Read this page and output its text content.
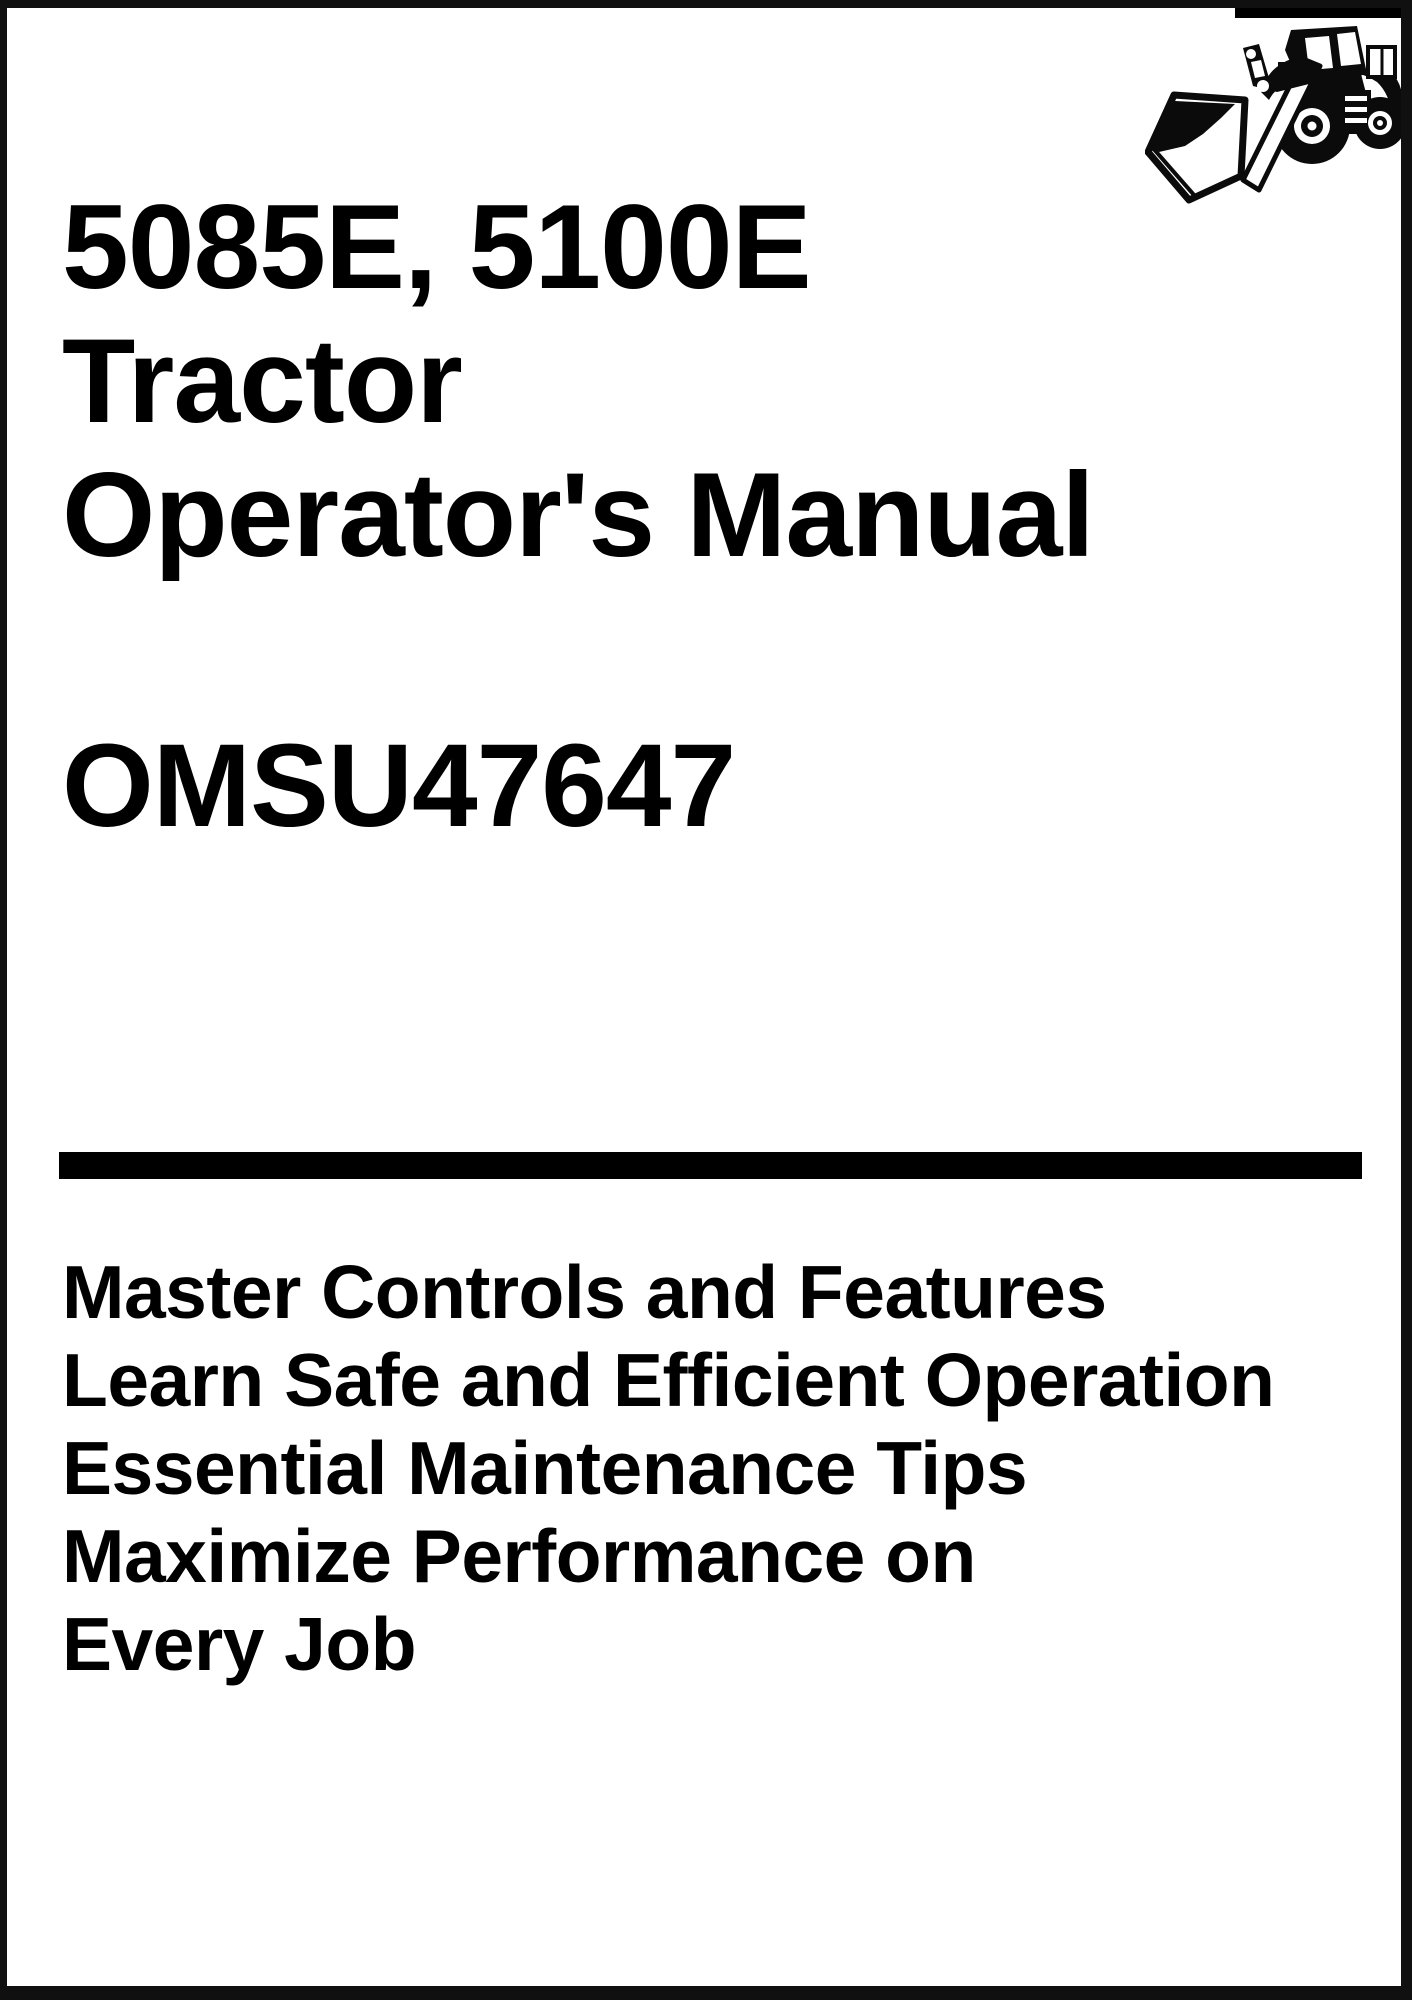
5085E, 5100E
Tractor
Operator's Manual
OMSU47647
Master Controls and Features
Learn Safe and Efficient Operation
Essential Maintenance Tips
Maximize Performance on
Every Job
